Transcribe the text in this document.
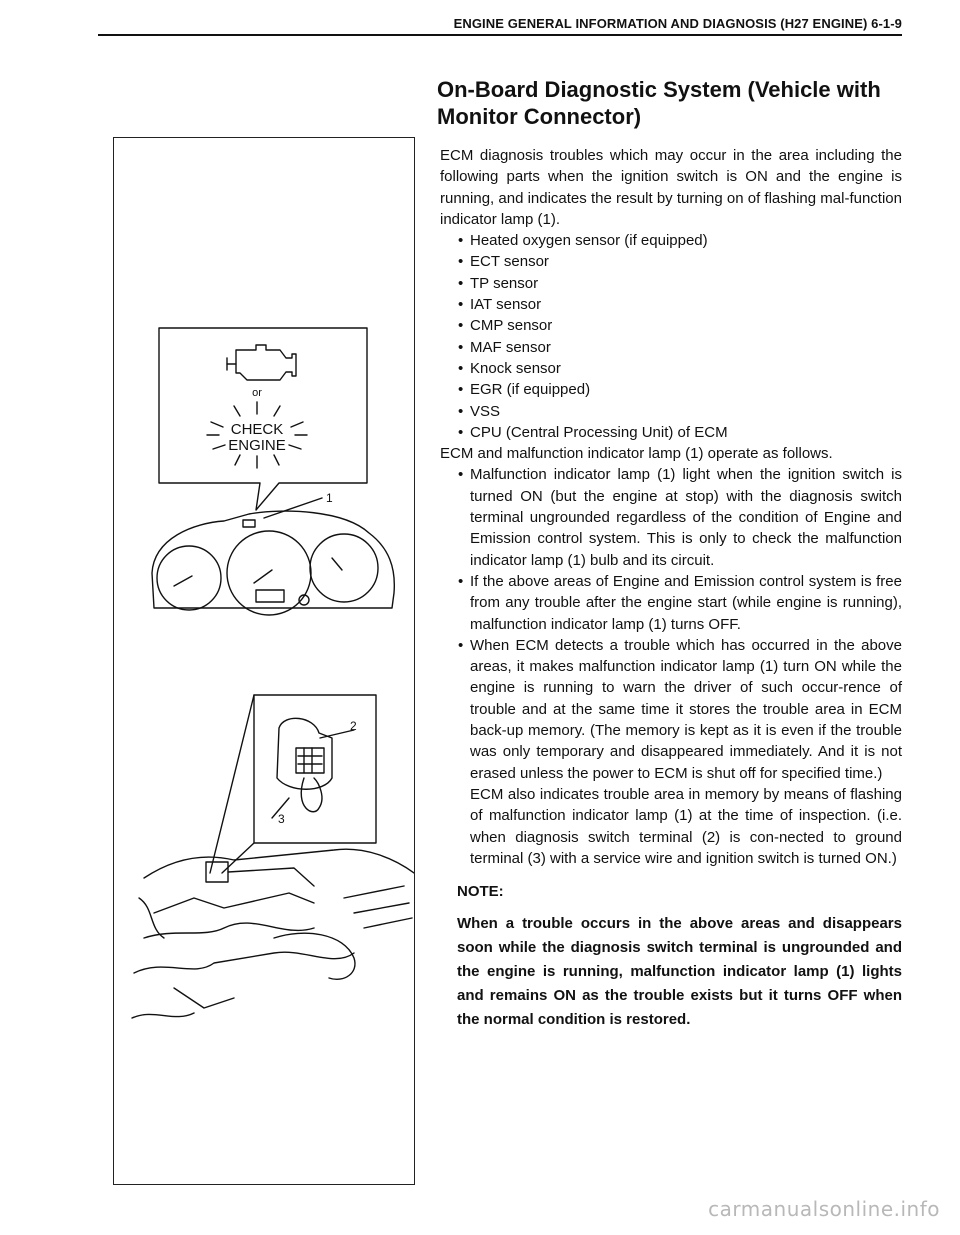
ENGINE GENERAL INFORMATION AND DIAGNOSIS (H27 ENGINE) 6-1-9
On-Board Diagnostic System (Vehicle with Monitor Connector)
or
CHECK
ENGINE
1
2
3

ECM diagnosis troubles which may occur in the area including the following parts when the ignition switch is ON and the engine is running, and indicates the result by turning on of flashing mal-function indicator lamp (1).

• Heated oxygen sensor (if equipped)
• ECT sensor
• TP sensor
• IAT sensor
• CMP sensor
• MAF sensor
• Knock sensor
• EGR (if equipped)
• VSS
• CPU (Central Processing Unit) of ECM

ECM and malfunction indicator lamp (1) operate as follows.

• Malfunction indicator lamp (1) light when the ignition switch is turned ON (but the engine at stop) with the diagnosis switch terminal ungrounded regardless of the condition of Engine and Emission control system. This is only to check the malfunction indicator lamp (1) bulb and its circuit.
• If the above areas of Engine and Emission control system is free from any trouble after the engine start (while engine is running), malfunction indicator lamp (1) turns OFF.
• When ECM detects a trouble which has occurred in the above areas, it makes malfunction indicator lamp (1) turn ON while the engine is running to warn the driver of such occur-rence of trouble and at the same time it stores the trouble area in ECM back-up memory. (The memory is kept as it is even if the trouble was only temporary and disappeared immediately. And it is not erased unless the power to ECM is shut off for specified time.)
ECM also indicates trouble area in memory by means of flashing of malfunction indicator lamp (1) at the time of inspection. (i.e. when diagnosis switch terminal (2) is con-nected to ground terminal (3) with a service wire and ignition switch is turned ON.)
NOTE:
When a trouble occurs in the above areas and disappears soon while the diagnosis switch terminal is ungrounded and the engine is running, malfunction indicator lamp (1) lights and remains ON as the trouble exists but it turns OFF when the normal condition is restored.
carmanualsonline.info
